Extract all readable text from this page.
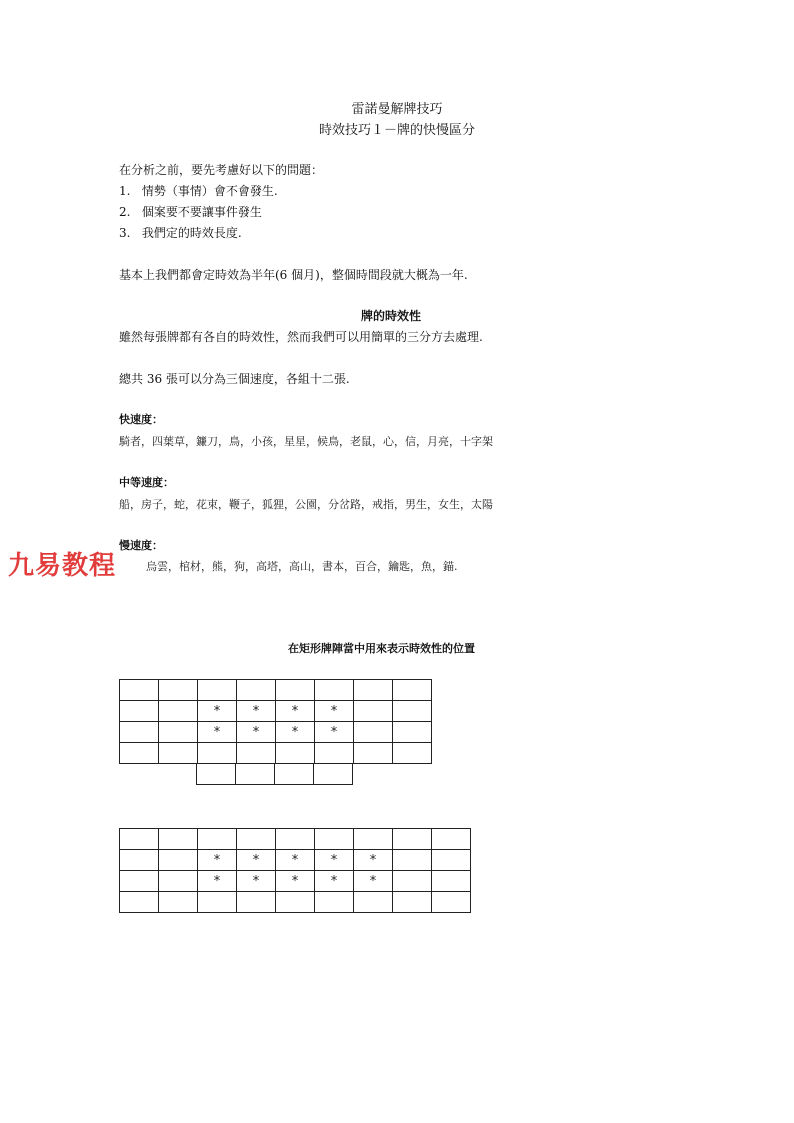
雷諾曼解牌技巧
時效技巧１－牌的快慢區分
在分析之前，要先考慮好以下的問題：
1. 情勢（事情）會不會發生.
2. 個案要不要讓事件發生
3. 我們定的時效長度.
基本上我們都會定時效為半年(6 個月)，整個時間段就大概為一年.
牌的時效性
雖然每張牌都有各自的時效性，然而我們可以用簡單的三分方去處理.
總共 36 張可以分為三個速度，各組十二張.
快速度：
騎者，四葉草，鐮刀，鳥，小孩，星星，候鳥，老鼠，心，信，月亮，十字架
中等速度：
船，房子，蛇，花束，鞭子，狐狸，公園，分岔路，戒指，男生，女生，太陽
慢速度：
烏雲，棺材，熊，狗，高塔，高山，書本，百合，鑰匙，魚，錨.
九易教程
在矩形牌陣當中用來表示時效性的位置

		*	*	*	*		
		*	*	*	*		

		*	*	*	*	*		
		*	*	*	*	*		
